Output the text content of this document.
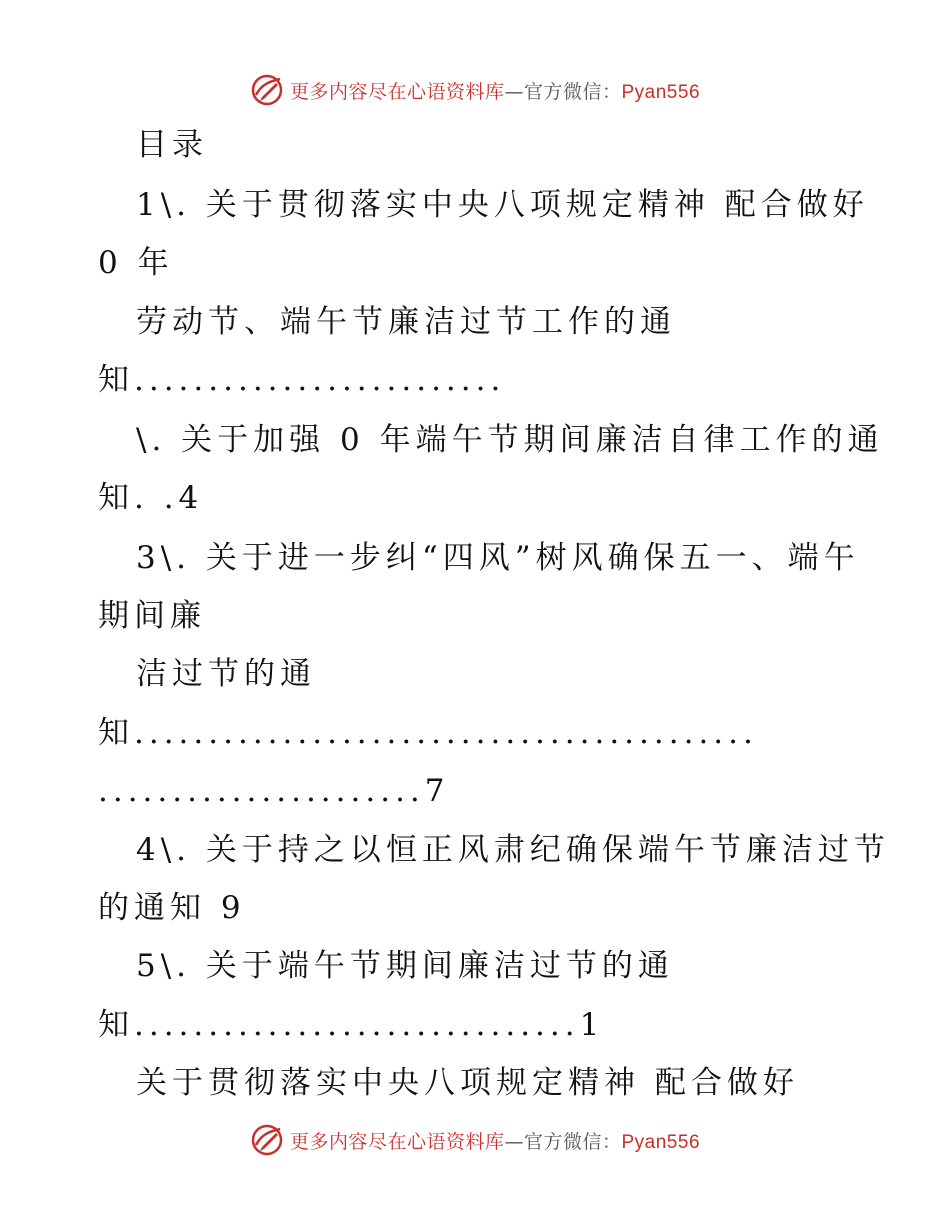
更多内容尽在心语资料库—官方微信：Pyan556
目录
1\. 关于贯彻落实中央八项规定精神 配合做好
0 年
劳动节、端午节廉洁过节工作的通
知.........................
\. 关于加强 0 年端午节期间廉洁自律工作的通
知. .4
3\. 关于进一步纠“四风”树风确保五一、端午
期间廉
洁过节的通
知..........................................
......................7
4\. 关于持之以恒正风肃纪确保端午节廉洁过节
的通知 9
5\. 关于端午节期间廉洁过节的通
知..............................1
关于贯彻落实中央八项规定精神 配合做好
更多内容尽在心语资料库—官方微信：Pyan556
